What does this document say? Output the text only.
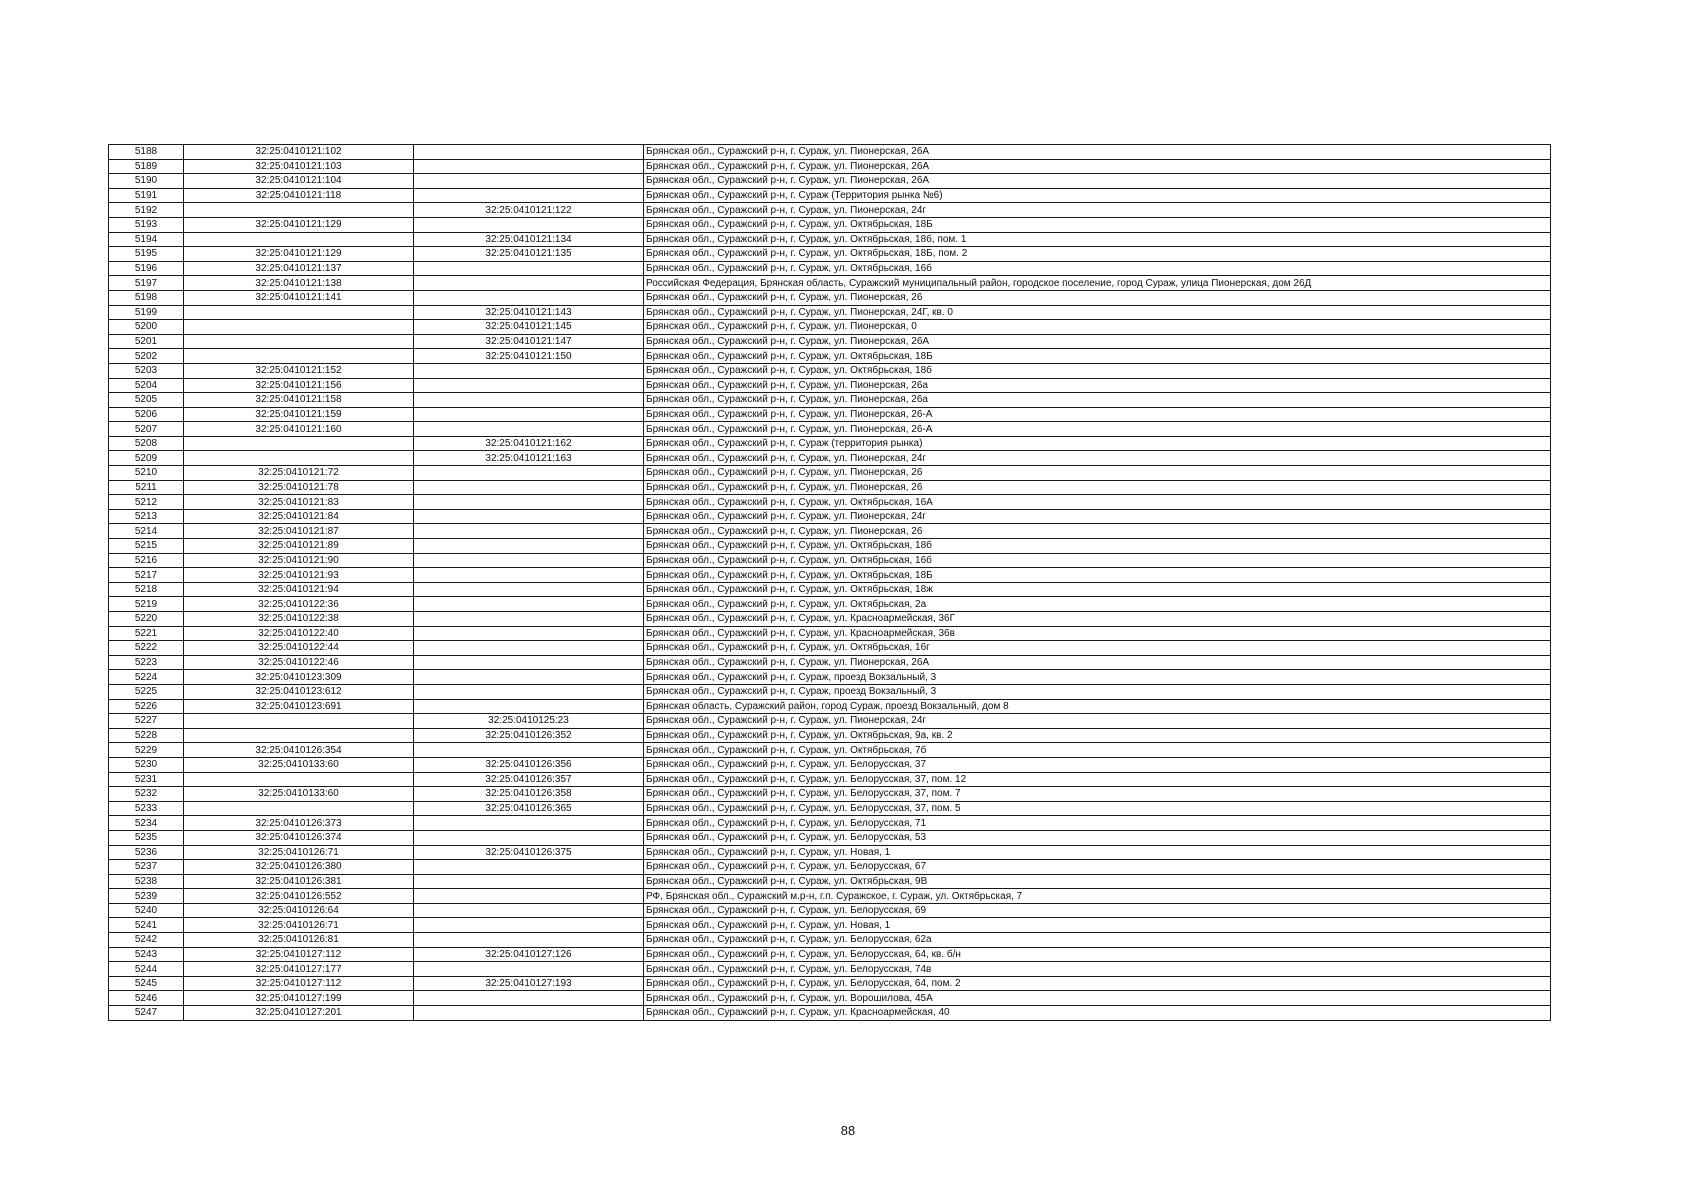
5188	32:25:0410121:102		Брянская обл., Суражский р-н, г. Сураж, ул. Пионерская, 26А
5189	32:25:0410121:103		Брянская обл., Суражский р-н, г. Сураж, ул. Пионерская, 26А
5190	32:25:0410121:104		Брянская обл., Суражский р-н, г. Сураж, ул. Пионерская, 26А
5191	32:25:0410121:118		Брянская обл., Суражский р-н, г. Сураж (Территория рынка №6)
5192		32:25:0410121:122	Брянская обл., Суражский р-н, г. Сураж, ул. Пионерская, 24г
5193	32:25:0410121:129		Брянская обл., Суражский р-н, г. Сураж, ул. Октябрьская, 18Б
5194		32:25:0410121:134	Брянская обл., Суражский р-н, г. Сураж, ул. Октябрьская, 18б, пом. 1
5195	32:25:0410121:129	32:25:0410121:135	Брянская обл., Суражский р-н, г. Сураж, ул. Октябрьская, 18Б, пом. 2
5196	32:25:0410121:137		Брянская обл., Суражский р-н, г. Сураж, ул. Октябрьская, 16б
5197	32:25:0410121:138		Российская Федерация, Брянская область, Суражский муниципальный район, городское поселение, город Сураж, улица Пионерская, дом 26Д
5198	32:25:0410121:141		Брянская обл., Суражский р-н, г. Сураж, ул. Пионерская, 26
5199		32:25:0410121:143	Брянская обл., Суражский р-н, г. Сураж, ул. Пионерская, 24Г, кв. 0
5200		32:25:0410121:145	Брянская обл., Суражский р-н, г. Сураж, ул. Пионерская, 0
5201		32:25:0410121:147	Брянская обл., Суражский р-н, г. Сураж, ул. Пионерская, 26А
5202		32:25:0410121:150	Брянская обл., Суражский р-н, г. Сураж, ул. Октябрьская, 18Б
5203	32:25:0410121:152		Брянская обл., Суражский р-н, г. Сураж, ул. Октябрьская, 18б
5204	32:25:0410121:156		Брянская обл., Суражский р-н, г. Сураж, ул. Пионерская, 26а
5205	32:25:0410121:158		Брянская обл., Суражский р-н, г. Сураж, ул. Пионерская, 26а
5206	32:25:0410121:159		Брянская обл., Суражский р-н, г. Сураж, ул. Пионерская, 26-А
5207	32:25:0410121:160		Брянская обл., Суражский р-н, г. Сураж, ул. Пионерская, 26-А
5208		32:25:0410121:162	Брянская обл., Суражский р-н, г. Сураж (территория рынка)
5209		32:25:0410121:163	Брянская обл., Суражский р-н, г. Сураж, ул. Пионерская, 24г
5210	32:25:0410121:72		Брянская обл., Суражский р-н, г. Сураж, ул. Пионерская, 26
5211	32:25:0410121:78		Брянская обл., Суражский р-н, г. Сураж, ул. Пионерская, 26
5212	32:25:0410121:83		Брянская обл., Суражский р-н, г. Сураж, ул. Октябрьская, 16А
5213	32:25:0410121:84		Брянская обл., Суражский р-н, г. Сураж, ул. Пионерская, 24г
5214	32:25:0410121:87		Брянская обл., Суражский р-н, г. Сураж, ул. Пионерская, 26
5215	32:25:0410121:89		Брянская обл., Суражский р-н, г. Сураж, ул. Октябрьская, 18б
5216	32:25:0410121:90		Брянская обл., Суражский р-н, г. Сураж, ул. Октябрьская, 16б
5217	32:25:0410121:93		Брянская обл., Суражский р-н, г. Сураж, ул. Октябрьская, 18Б
5218	32:25:0410121:94		Брянская обл., Суражский р-н, г. Сураж, ул. Октябрьская, 18ж
5219	32:25:0410122:36		Брянская обл., Суражский р-н, г. Сураж, ул. Октябрьская, 2а
5220	32:25:0410122:38		Брянская обл., Суражский р-н, г. Сураж, ул. Красноармейская, 36Г
5221	32:25:0410122:40		Брянская обл., Суражский р-н, г. Сураж, ул. Красноармейская, 36в
5222	32:25:0410122:44		Брянская обл., Суражский р-н, г. Сураж, ул. Октябрьская, 16г
5223	32:25:0410122:46		Брянская обл., Суражский р-н, г. Сураж, ул. Пионерская, 26А
5224	32:25:0410123:309		Брянская обл., Суражский р-н, г. Сураж, проезд Вокзальный, 3
5225	32:25:0410123:612		Брянская обл., Суражский р-н, г. Сураж, проезд Вокзальный, 3
5226	32:25:0410123:691		Брянская область, Суражский район, город Сураж, проезд Вокзальный, дом 8
5227		32:25:0410125:23	Брянская обл., Суражский р-н, г. Сураж, ул. Пионерская, 24г
5228		32:25:0410126:352	Брянская обл., Суражский р-н, г. Сураж, ул. Октябрьская, 9а, кв. 2
5229	32:25:0410126:354		Брянская обл., Суражский р-н, г. Сураж, ул. Октябрьская, 7б
5230	32:25:0410133:60	32:25:0410126:356	Брянская обл., Суражский р-н, г. Сураж, ул. Белорусская, 37
5231		32:25:0410126:357	Брянская обл., Суражский р-н, г. Сураж, ул. Белорусская, 37, пом. 12
5232	32:25:0410133:60	32:25:0410126:358	Брянская обл., Суражский р-н, г. Сураж, ул. Белорусская, 37, пом. 7
5233		32:25:0410126:365	Брянская обл., Суражский р-н, г. Сураж, ул. Белорусская, 37, пом. 5
5234	32:25:0410126:373		Брянская обл., Суражский р-н, г. Сураж, ул. Белорусская, 71
5235	32:25:0410126:374		Брянская обл., Суражский р-н, г. Сураж, ул. Белорусская, 53
5236	32:25:0410126:71	32:25:0410126:375	Брянская обл., Суражский р-н, г. Сураж, ул. Новая, 1
5237	32:25:0410126:380		Брянская обл., Суражский р-н, г. Сураж, ул. Белорусская, 67
5238	32:25:0410126:381		Брянская обл., Суражский р-н, г. Сураж, ул. Октябрьская, 9В
5239	32:25:0410126:552		РФ, Брянская обл., Суражский м.р-н, г.п. Суражское, г. Сураж, ул. Октябрьская, 7
5240	32:25:0410126:64		Брянская обл., Суражский р-н, г. Сураж, ул. Белорусская, 69
5241	32:25:0410126:71		Брянская обл., Суражский р-н, г. Сураж, ул. Новая, 1
5242	32:25:0410126:81		Брянская обл., Суражский р-н, г. Сураж, ул. Белорусская, 62а
5243	32:25:0410127:112	32:25:0410127:126	Брянская обл., Суражский р-н, г. Сураж, ул. Белорусская, 64, кв. б/н
5244	32:25:0410127:177		Брянская обл., Суражский р-н, г. Сураж, ул. Белорусская, 74в
5245	32:25:0410127:112	32:25:0410127:193	Брянская обл., Суражский р-н, г. Сураж, ул. Белорусская, 64, пом. 2
5246	32:25:0410127:199		Брянская обл., Суражский р-н, г. Сураж, ул. Ворошилова, 45А
5247	32:25:0410127:201		Брянская обл., Суражский р-н, г. Сураж, ул. Красноармейская, 40
88
